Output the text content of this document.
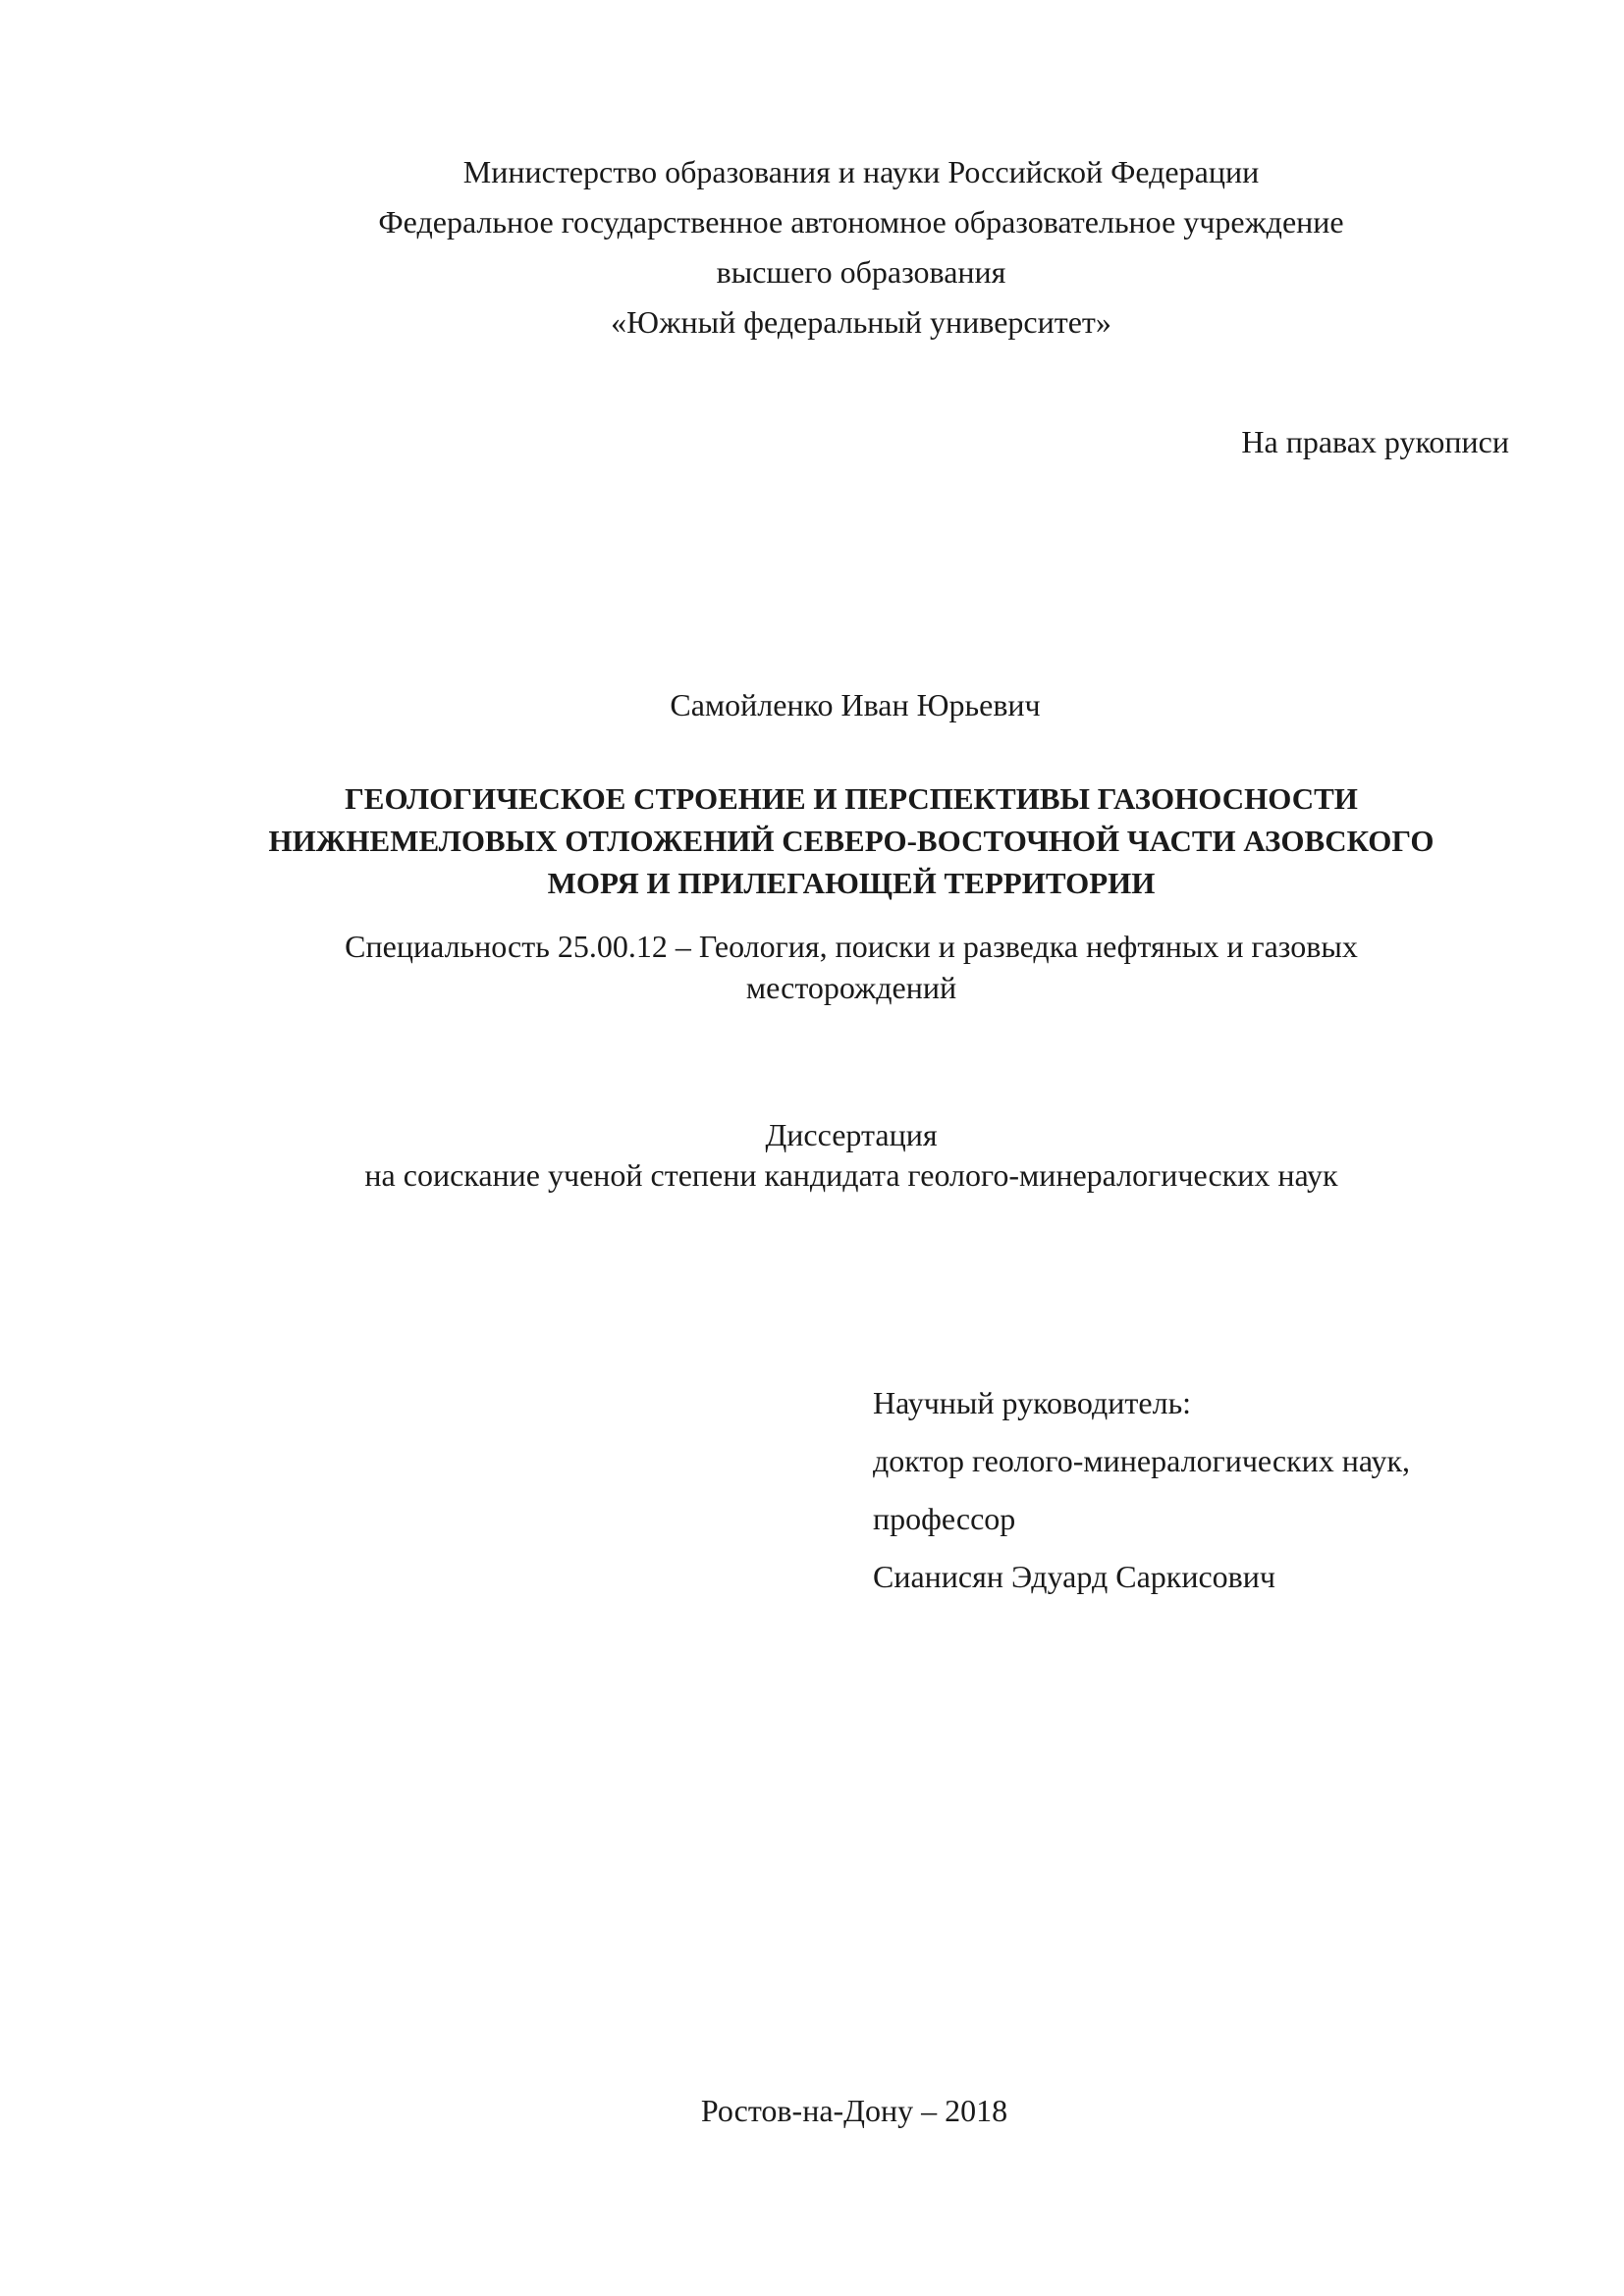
Министерство образования и науки Российской Федерации
Федеральное государственное автономное образовательное учреждение
высшего образования
«Южный федеральный университет»
На правах рукописи
Самойленко Иван Юрьевич
ГЕОЛОГИЧЕСКОЕ СТРОЕНИЕ И ПЕРСПЕКТИВЫ ГАЗОНОСНОСТИ
НИЖНЕМЕЛОВЫХ ОТЛОЖЕНИЙ СЕВЕРО-ВОСТОЧНОЙ ЧАСТИ АЗОВСКОГО
МОРЯ И ПРИЛЕГАЮЩЕЙ ТЕРРИТОРИИ
Специальность 25.00.12 – Геология, поиски и разведка нефтяных и газовых
месторождений
Диссертация
на соискание ученой степени кандидата геолого-минералогических наук
Научный руководитель:
доктор геолого-минералогических наук,
профессор
Сианисян Эдуард Саркисович
Ростов-на-Дону – 2018
